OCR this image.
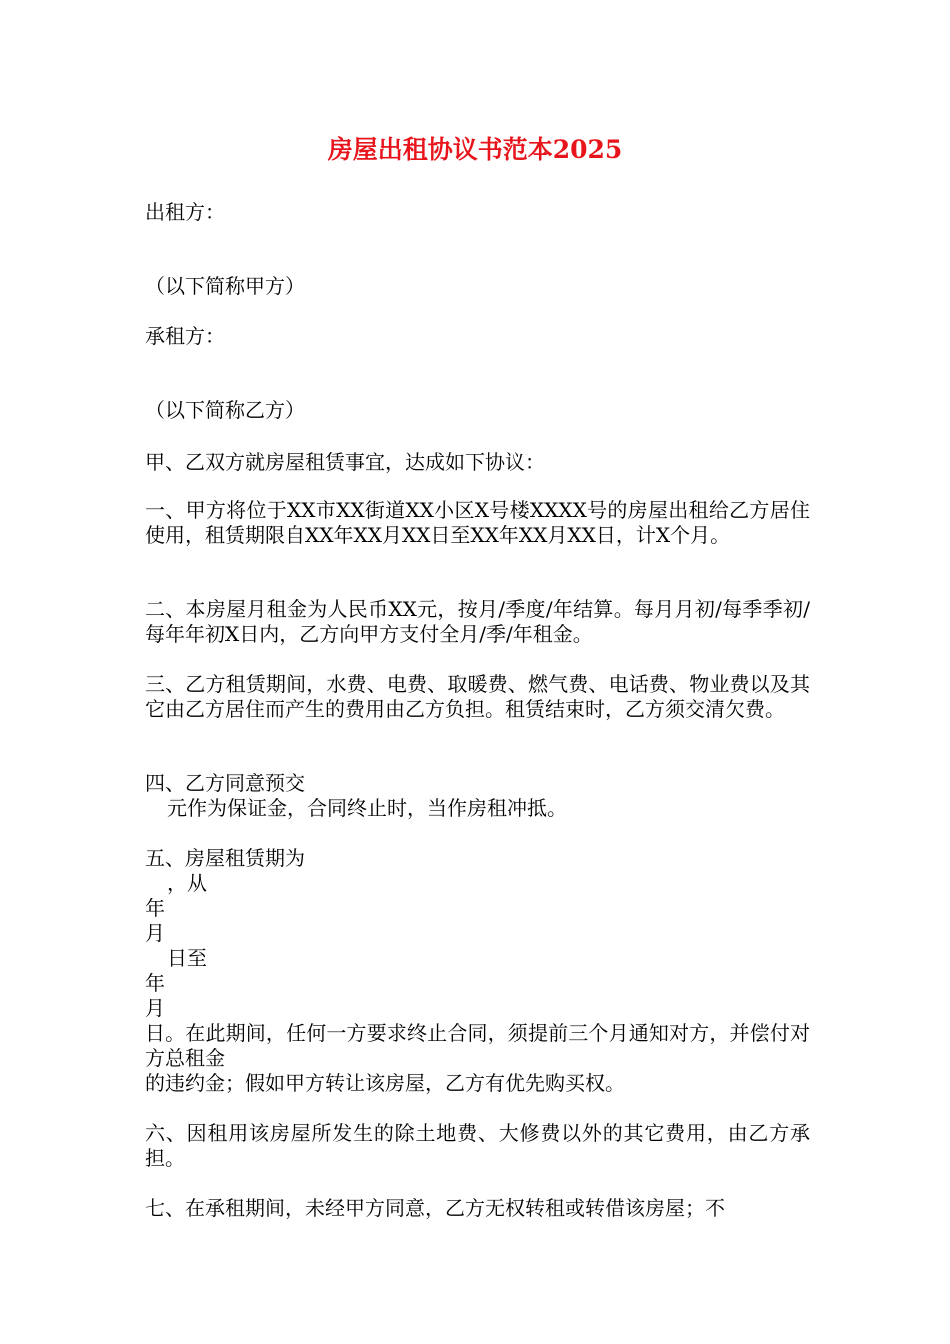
房屋出租协议书范本2025
出租方：
（以下简称甲方）
承租方：
（以下简称乙方）
甲、乙双方就房屋租赁事宜，达成如下协议：
一、甲方将位于XX市XX街道XX小区X号楼XXXX号的房屋出租给乙方居住使用，租赁期限自XX年XX月XX日至XX年XX月XX日，计X个月。
二、本房屋月租金为人民币XX元，按月/季度/年结算。每月月初/每季季初/每年年初X日内，乙方向甲方支付全月/季/年租金。
三、乙方租赁期间，水费、电费、取暖费、燃气费、电话费、物业费以及其它由乙方居住而产生的费用由乙方负担。租赁结束时，乙方须交清欠费。
四、乙方同意预交
元作为保证金，合同终止时，当作房租冲抵。
五、房屋租赁期为
，从
年
月
日至
年
月
日。在此期间，任何一方要求终止合同，须提前三个月通知对方，并偿付对方总租金
的违约金；假如甲方转让该房屋，乙方有优先购买权。
六、因租用该房屋所发生的除土地费、大修费以外的其它费用，由乙方承担。
七、在承租期间，未经甲方同意，乙方无权转租或转借该房屋；不
